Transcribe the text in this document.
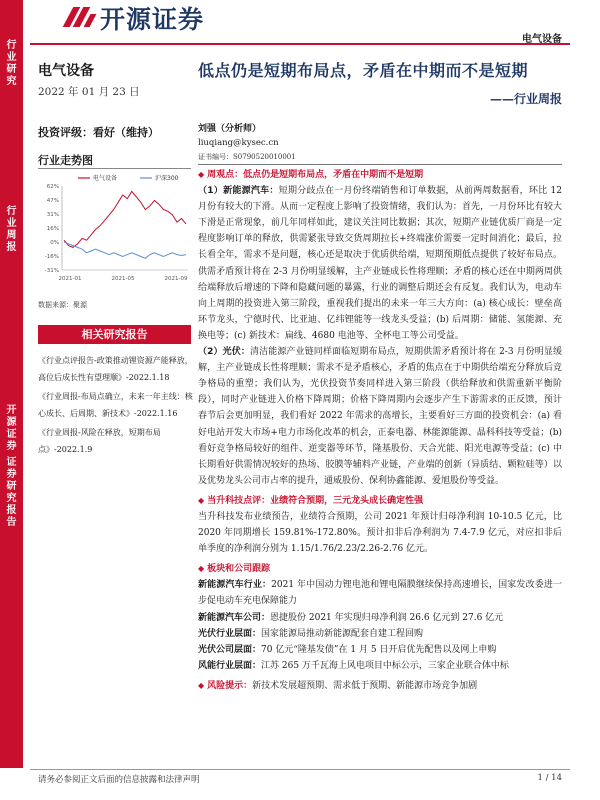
开源证券
电气设备
行
业
研
究
行
业
周
报
开
源
证
券
证
券
研
究
报
告
电气设备
2022 年 01 月 23 日
投资评级：看好（维持）
行业走势图
62%
47%
31%
16%
0%
-16%
-31%
2021-01	2021-05	2021-09
电气设备	沪深300
数据来源：聚源
相关研究报告
《行业点评报告-政策推动锂资源产能释放，高位后成长性有望理顺》-2022.1.18
《行业周报-布局点确立，未来一年主线：核心成长、后周期、新技术》-2022.1.16
《行业周报-风险在释放，短期布局点》-2022.1.9
低点仍是短期布局点，矛盾在中期而不是短期
——行业周报
刘强（分析师）
liuqiang@kysec.cn
证书编号：S0790520010001

◆ 周观点：低点仍是短期布局点，矛盾在中期而不是短期

（1）新能源汽车：短期分歧点在一月份终端销售和订单数据，从前两周数据看，环比 12 月份有较大的下滑。从而一定程度上影响了投资情绪，我们认为：首先，一月份环比有较大下滑是正常现象，前几年同样如此，建议关注同比数据；其次，短期产业链优质厂商是一定程度影响订单的释放，供需紧张导致交货周期拉长+终端涨价需要一定时间消化；最后，拉长看全年，需求不是问题，核心还是取决于优质供给端，短期预期低点提供了较好布局点。供需矛盾预计将在 2-3 月份明显缓解，主产业链成长性将理顺；矛盾的核心还在中期两周供给端释放后增速的下降和隐藏问题的暴露，行业的调整后期还会有反复。我们认为，电动车向上周期的投资进入第三阶段，重视我们提出的未来一年三大方向：(a) 核心成长：壁垒高环节龙头，宁德时代、比亚迪、亿纬锂能等一线龙头受益；(b) 后周期：储能、氢能源、充换电等；(c) 新技术：扁线、4680 电池等、全杯电工等公司受益。

（2）光伏：清洁能源产业链同样面临短期布局点，短期供需矛盾预计将在 2-3 月份明显缓解，主产业链成长性将理顺；需求不是矛盾核心，矛盾的焦点在于中期供给端充分释放后竞争格局的重塑；我们认为，光伏投资节奏同样进入第三阶段（供给释放和供需重新平衡阶段），同时产业链进入价格下降周期；价格下降周期内会逐步产生下游需求的正反馈，预计春节后会更加明显，我们看好 2022 年需求的高增长，主要看好三方面的投资机会：(a) 看好电站开发大市场+电力市场化改革的机会，正泰电器、林能源能源、晶科科技等受益；(b) 看好竞争格局较好的组件、逆变器等环节，隆基股份、天合光能、阳光电源等受益；(c) 中长期看好供需情况较好的热场、胶膜等辅料产业链，产业端的创新（异质结、颗粒硅等）以及优势龙头公司市占率的提升，通威股份、保利协鑫能源、爱旭股份等受益。

◆ 当升科技点评：业绩符合预期，三元龙头成长确定性强

当升科技发布业绩预告，业绩符合预期，公司 2021 年预计归母净利润 10-10.5 亿元，比 2020 年同期增长 159.81%-172.80%。预计扣非后净利润为 7.4-7.9 亿元，对应扣非后单季度的净利润分别为 1.15/1.76/2.23/2.26-2.76 亿元。

◆ 板块和公司跟踪

新能源汽车行业：2021 年中国动力锂电池和锂电隔膜继续保持高速增长，国家发改委进一步促电动车充电保障能力

新能源汽车公司：恩捷股份 2021 年实现归母净利润 26.6 亿元到 27.6 亿元

光伏行业层面：国家能源局推动新能源配套自建工程回购

光伏公司层面：70 亿元“隆基发债”在 1 月 5 日开启优先配售以及网上申购

风能行业层面：江苏 265 万千瓦海上风电项目中标公示，三家企业联合体中标

◆ 风险提示：新技术发展超预期、需求低于预期、新能源市场竞争加剧

请务必参阅正文后面的信息披露和法律声明	1 / 14
